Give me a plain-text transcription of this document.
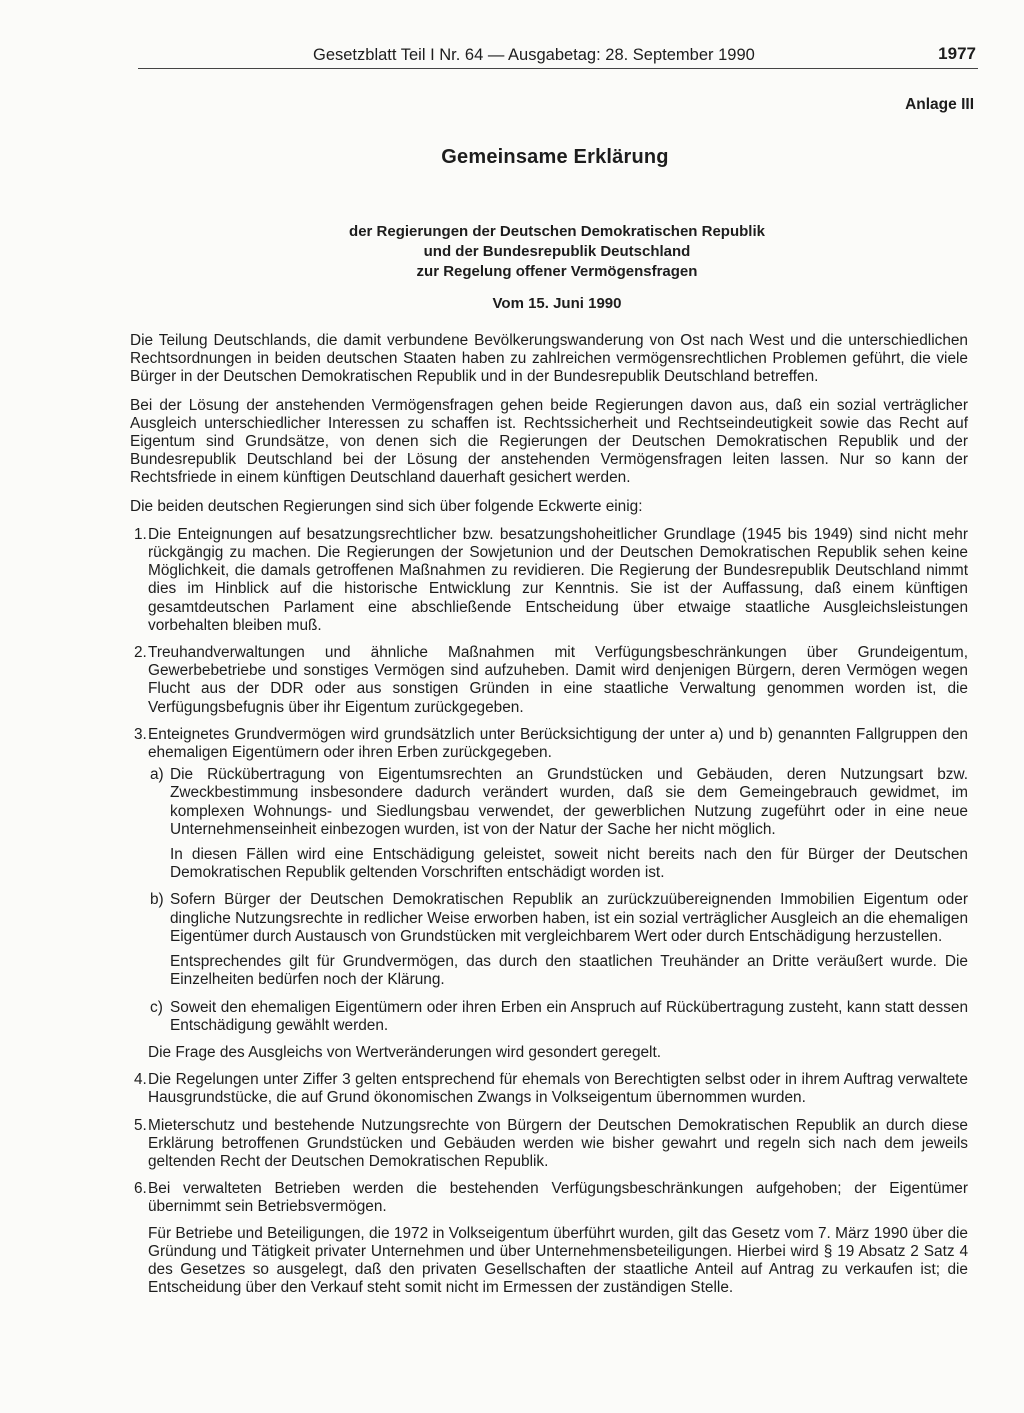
Gesetzblatt Teil I Nr. 64 — Ausgabetag: 28. September 1990	1977
Anlage III
Gemeinsame Erklärung
der Regierungen der Deutschen Demokratischen Republik
und der Bundesrepublik Deutschland
zur Regelung offener Vermögensfragen
Vom 15. Juni 1990

Die Teilung Deutschlands, die damit verbundene Bevölkerungswanderung von Ost nach West und die unterschiedlichen Rechtsordnungen in beiden deutschen Staaten haben zu zahlreichen vermögensrechtlichen Problemen geführt, die viele Bürger in der Deutschen Demokratischen Republik und in der Bundesrepublik Deutschland betreffen.

Bei der Lösung der anstehenden Vermögensfragen gehen beide Regierungen davon aus, daß ein sozial verträglicher Ausgleich unterschiedlicher Interessen zu schaffen ist. Rechtssicherheit und Rechtseindeutigkeit sowie das Recht auf Eigentum sind Grundsätze, von denen sich die Regierungen der Deutschen Demokratischen Republik und der Bundesrepublik Deutschland bei der Lösung der anstehenden Vermögensfragen leiten lassen. Nur so kann der Rechtsfriede in einem künftigen Deutschland dauerhaft gesichert werden.

Die beiden deutschen Regierungen sind sich über folgende Eckwerte einig:

1. Die Enteignungen auf besatzungsrechtlicher bzw. besatzungshoheitlicher Grundlage (1945 bis 1949) sind nicht mehr rückgängig zu machen. Die Regierungen der Sowjetunion und der Deutschen Demokratischen Republik sehen keine Möglichkeit, die damals getroffenen Maßnahmen zu revidieren. Die Regierung der Bundesrepublik Deutschland nimmt dies im Hinblick auf die historische Entwicklung zur Kenntnis. Sie ist der Auffassung, daß einem künftigen gesamtdeutschen Parlament eine abschließende Entscheidung über etwaige staatliche Ausgleichsleistungen vorbehalten bleiben muß.
2. Treuhandverwaltungen und ähnliche Maßnahmen mit Verfügungsbeschränkungen über Grundeigentum, Gewerbebetriebe und sonstiges Vermögen sind aufzuheben. Damit wird denjenigen Bürgern, deren Vermögen wegen Flucht aus der DDR oder aus sonstigen Gründen in eine staatliche Verwaltung genommen worden ist, die Verfügungsbefugnis über ihr Eigentum zurückgegeben.
3. Enteignetes Grundvermögen wird grundsätzlich unter Berücksichtigung der unter a) und b) genannten Fallgruppen den ehemaligen Eigentümern oder ihren Erben zurückgegeben.
a) Die Rückübertragung von Eigentumsrechten an Grundstücken und Gebäuden, deren Nutzungsart bzw. Zweckbestimmung insbesondere dadurch verändert wurden, daß sie dem Gemeingebrauch gewidmet, im komplexen Wohnungs- und Siedlungsbau verwendet, der gewerblichen Nutzung zugeführt oder in eine neue Unternehmenseinheit einbezogen wurden, ist von der Natur der Sache her nicht möglich.
In diesen Fällen wird eine Entschädigung geleistet, soweit nicht bereits nach den für Bürger der Deutschen Demokratischen Republik geltenden Vorschriften entschädigt worden ist.
b) Sofern Bürger der Deutschen Demokratischen Republik an zurückzuübereignenden Immobilien Eigentum oder dingliche Nutzungsrechte in redlicher Weise erworben haben, ist ein sozial verträglicher Ausgleich an die ehemaligen Eigentümer durch Austausch von Grundstücken mit vergleichbarem Wert oder durch Entschädigung herzustellen.
Entsprechendes gilt für Grundvermögen, das durch den staatlichen Treuhänder an Dritte veräußert wurde. Die Einzelheiten bedürfen noch der Klärung.
c) Soweit den ehemaligen Eigentümern oder ihren Erben ein Anspruch auf Rückübertragung zusteht, kann statt dessen Entschädigung gewählt werden.
Die Frage des Ausgleichs von Wertveränderungen wird gesondert geregelt.
4. Die Regelungen unter Ziffer 3 gelten entsprechend für ehemals von Berechtigten selbst oder in ihrem Auftrag verwaltete Hausgrundstücke, die auf Grund ökonomischen Zwangs in Volkseigentum übernommen wurden.
5. Mieterschutz und bestehende Nutzungsrechte von Bürgern der Deutschen Demokratischen Republik an durch diese Erklärung betroffenen Grundstücken und Gebäuden werden wie bisher gewahrt und regeln sich nach dem jeweils geltenden Recht der Deutschen Demokratischen Republik.
6. Bei verwalteten Betrieben werden die bestehenden Verfügungsbeschränkungen aufgehoben; der Eigentümer übernimmt sein Betriebsvermögen.
Für Betriebe und Beteiligungen, die 1972 in Volkseigentum überführt wurden, gilt das Gesetz vom 7. März 1990 über die Gründung und Tätigkeit privater Unternehmen und über Unternehmensbeteiligungen. Hierbei wird § 19 Absatz 2 Satz 4 des Gesetzes so ausgelegt, daß den privaten Gesellschaften der staatliche Anteil auf Antrag zu verkaufen ist; die Entscheidung über den Verkauf steht somit nicht im Ermessen der zuständigen Stelle.
